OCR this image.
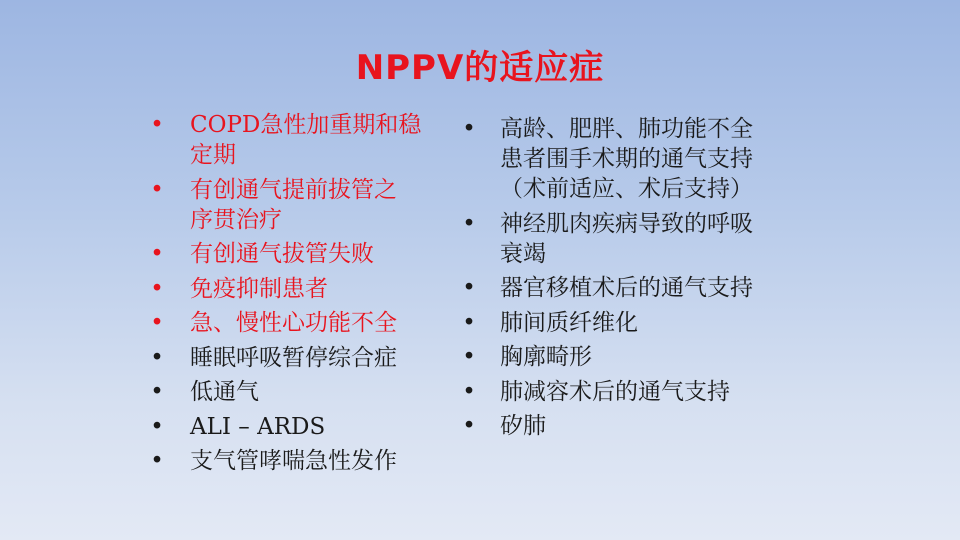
NPPV的适应症
• COPD急性加重期和稳
定期
• 有创通气提前拔管之
序贯治疗
• 有创通气拔管失败
• 免疫抑制患者
• 急、慢性心功能不全
• 睡眠呼吸暂停综合症
• 低通气
• ALI – ARDS
• 支气管哮喘急性发作
• 高龄、肥胖、肺功能不全
患者围手术期的通气支持
（术前适应、术后支持）
• 神经肌肉疾病导致的呼吸
衰竭
• 器官移植术后的通气支持
• 肺间质纤维化
• 胸廓畸形
• 肺减容术后的通气支持
• 矽肺
